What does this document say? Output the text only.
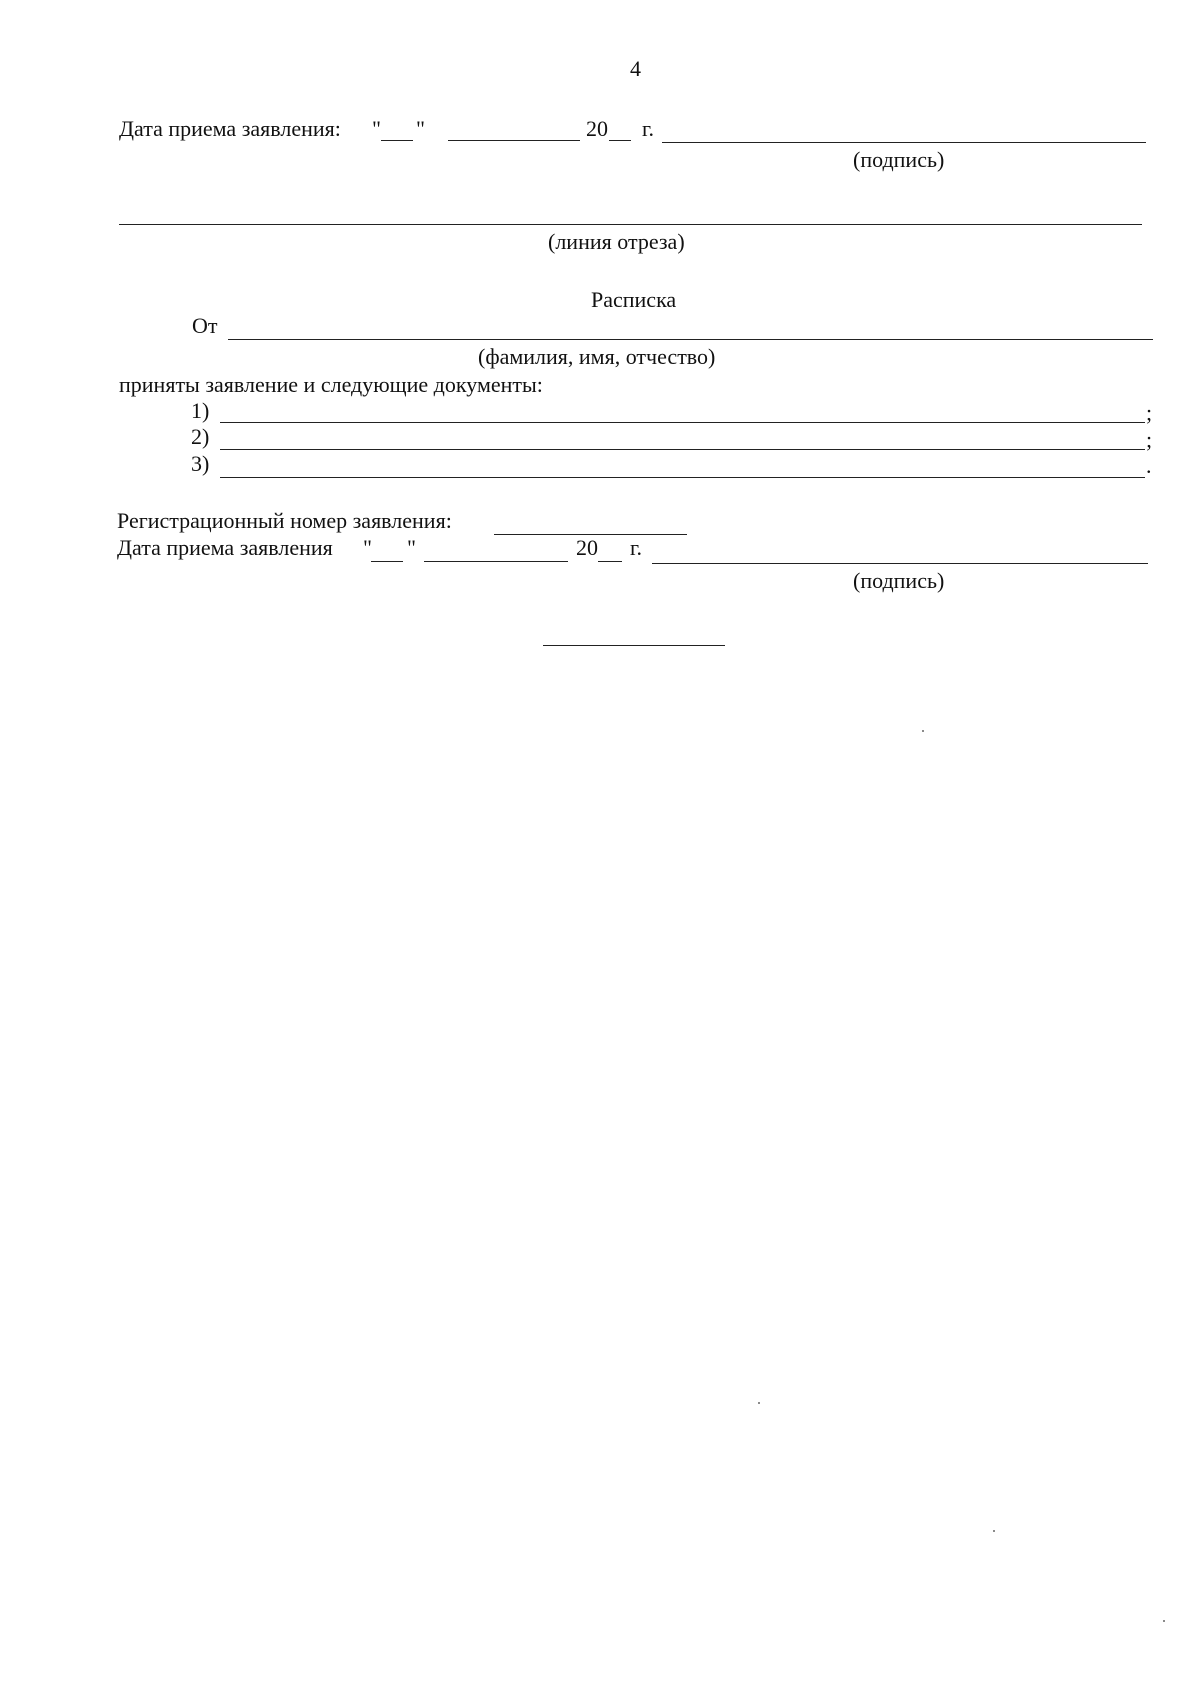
4
Дата приема заявления: " "	20 г.
(подпись)
(линия отреза)
Расписка
От
(фамилия, имя, отчество)
приняты заявление и следующие документы:
1)	;
2)	;
3)	.
Регистрационный номер заявления:
Дата приема заявления " "	20 г.
(подпись)
